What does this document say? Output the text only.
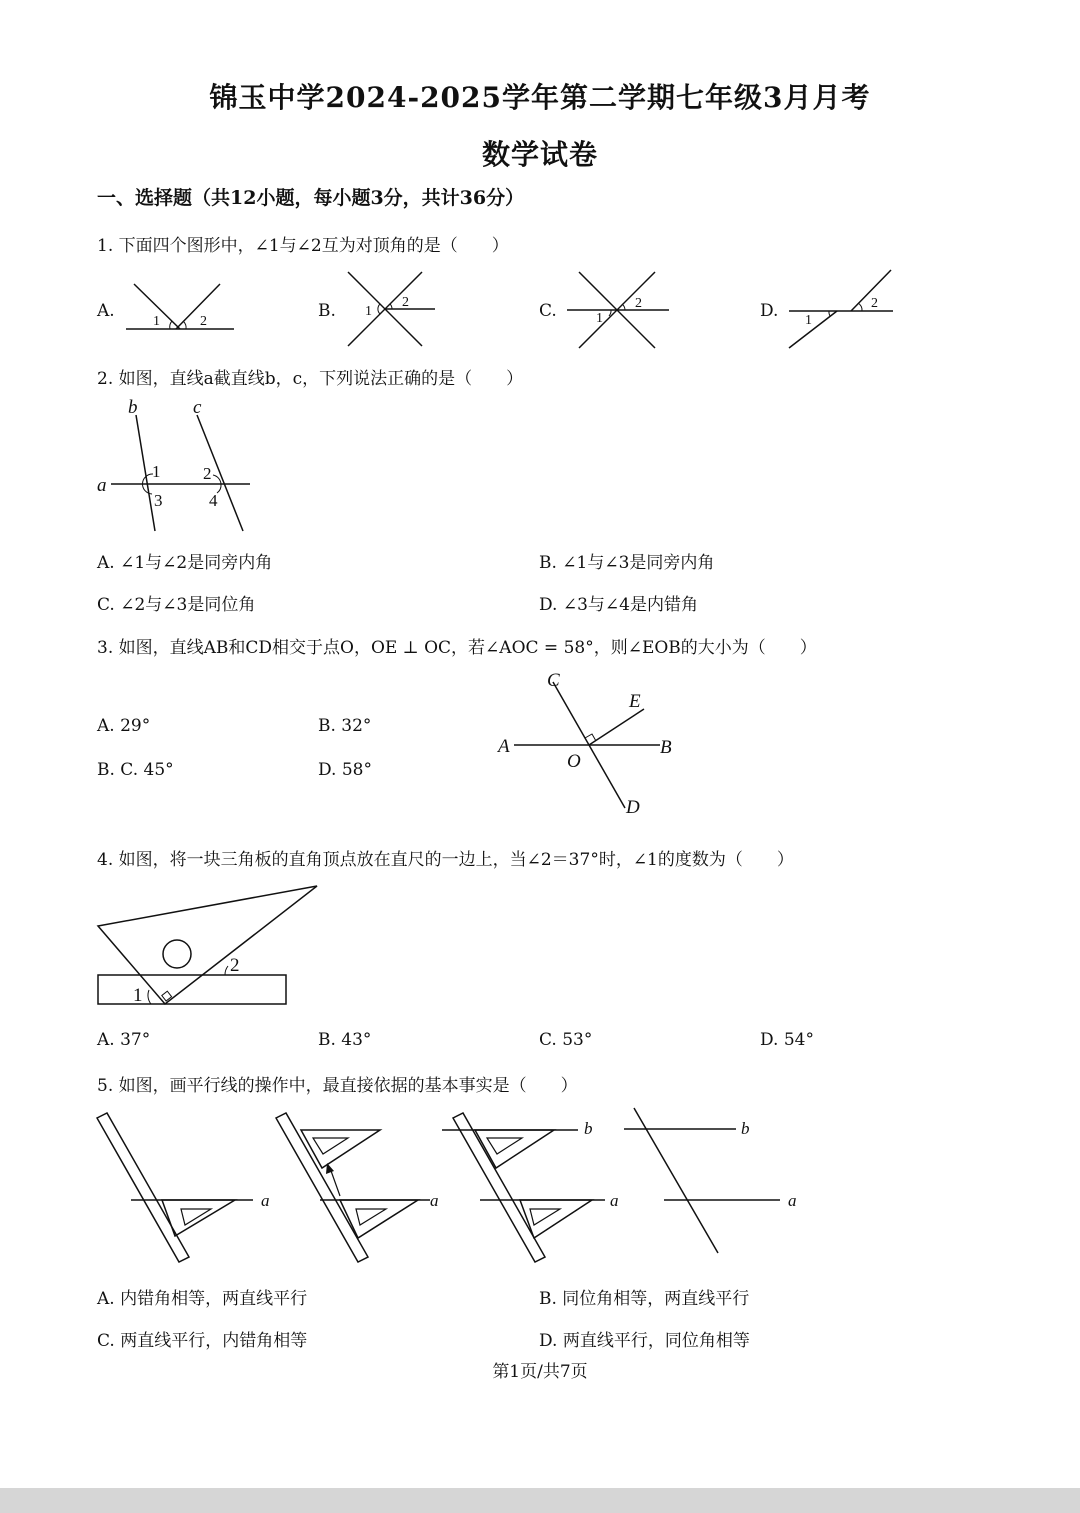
锦玉中学2024-2025学年第二学期七年级3月月考
数学试卷
一、选择题（共12小题，每小题3分，共计36分）
1. 下面四个图形中，∠1与∠2互为对顶角的是（　　）
A.
1	2
B. 1
2	C.	1
2	D. 1
2
2. 如图，直线a截直线b，c，下列说法正确的是（　　）
a
b	c
1	2
3	4
A. ∠1与∠2是同旁内角	B. ∠1与∠3是同旁内角
C. ∠2与∠3是同位角	D. ∠3与∠4是内错角
3. 如图，直线AB和CD相交于点O，OE ⊥ OC，若∠AOC = 58°，则∠EOB的大小为（　　）
A	B
C
D
E
O
A. 29°	B. 32°
B. C. 45°	D. 58°
4. 如图，将一块三角板的直角顶点放在直尺的一边上，当∠2＝37°时，∠1的度数为（　　）
1
2
A. 37°	B. 43°	C. 53°	D. 54°
5. 如图，画平行线的操作中，最直接依据的基本事实是（　　）
a	a
b
a
b
a
A. 内错角相等，两直线平行	B. 同位角相等，两直线平行
C. 两直线平行，内错角相等	D. 两直线平行，同位角相等
第1页/共7页
